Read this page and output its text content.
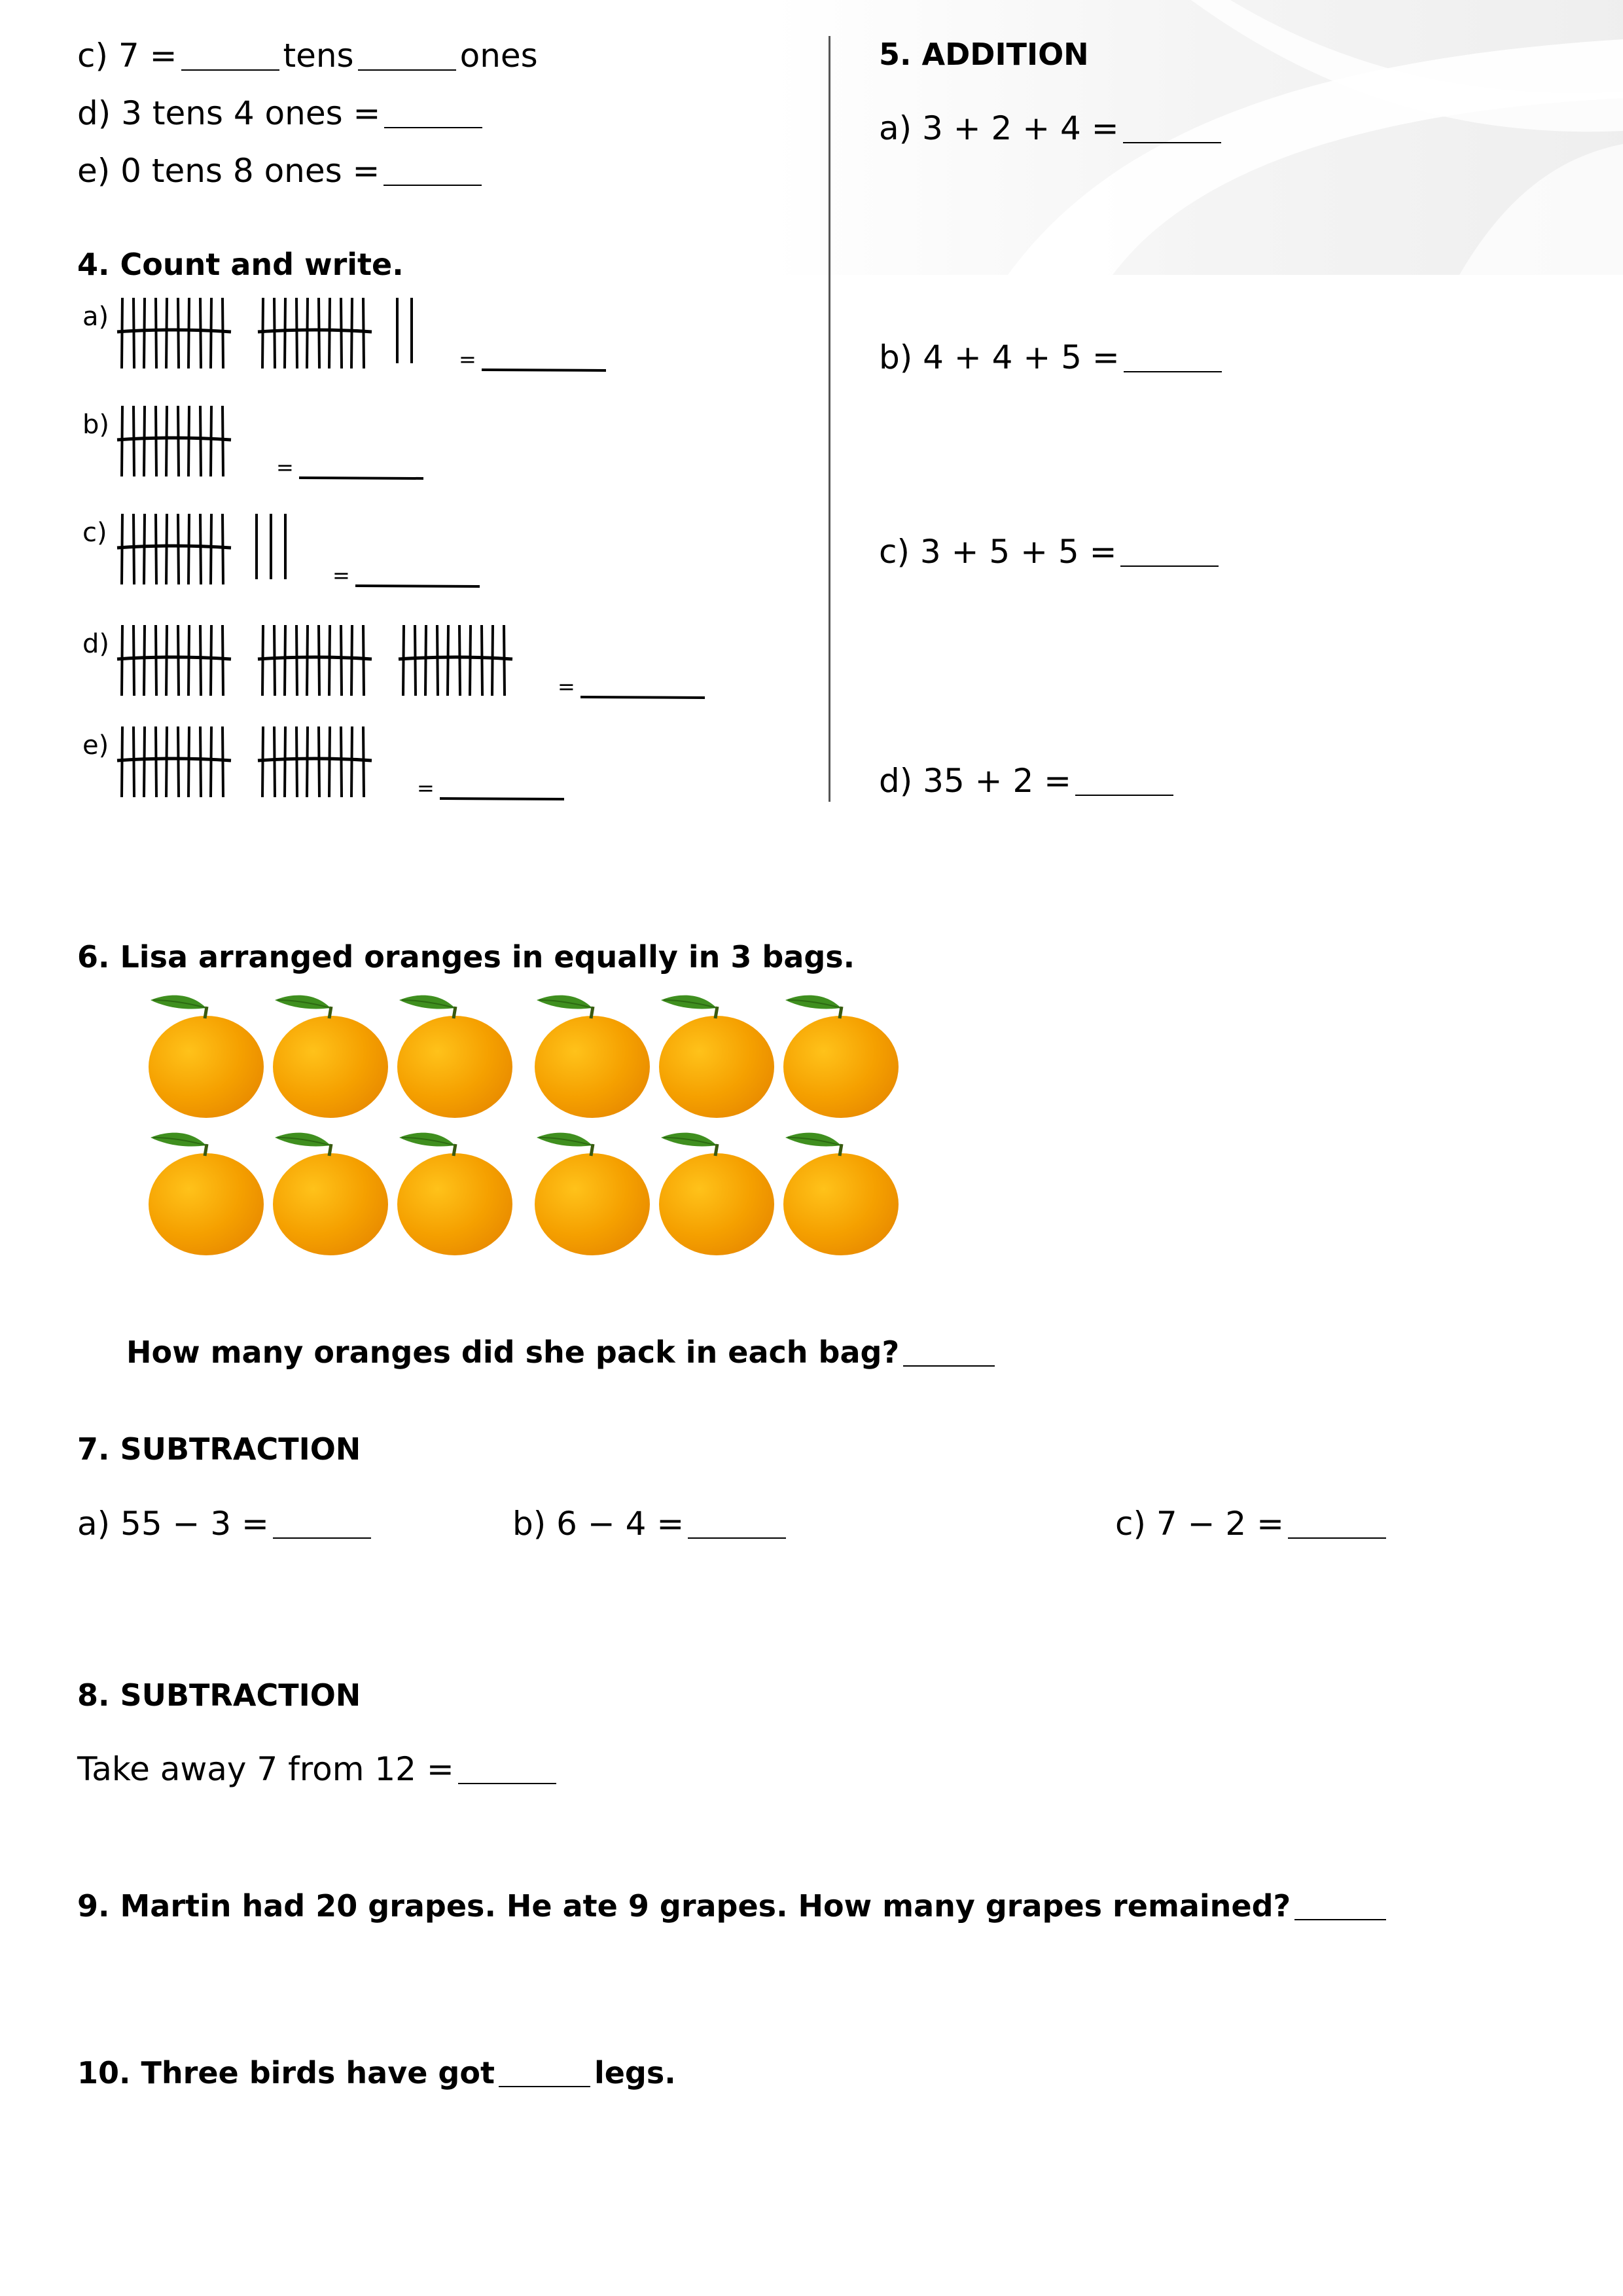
c) 7 =	tens	ones
d) 3 tens 4 ones =
e) 0 tens 8 ones =
4. Count and write.
a)
=
b)
=
c)
=
d)
=
e)
=
5. ADDITION
a) 3 + 2 + 4 =
b) 4 + 4 + 5 =
c) 3 + 5 + 5 =
d) 35 + 2 =
6. Lisa arranged oranges in equally in 3 bags.
How many oranges did she pack in each bag?
7. SUBTRACTION
a) 55 − 3 =	b) 6 − 4 =	c) 7 − 2 =
8. SUBTRACTION
Take away 7 from 12 =
9. Martin had 20 grapes. He ate 9 grapes. How many grapes remained?
10. Three birds have got	legs.
